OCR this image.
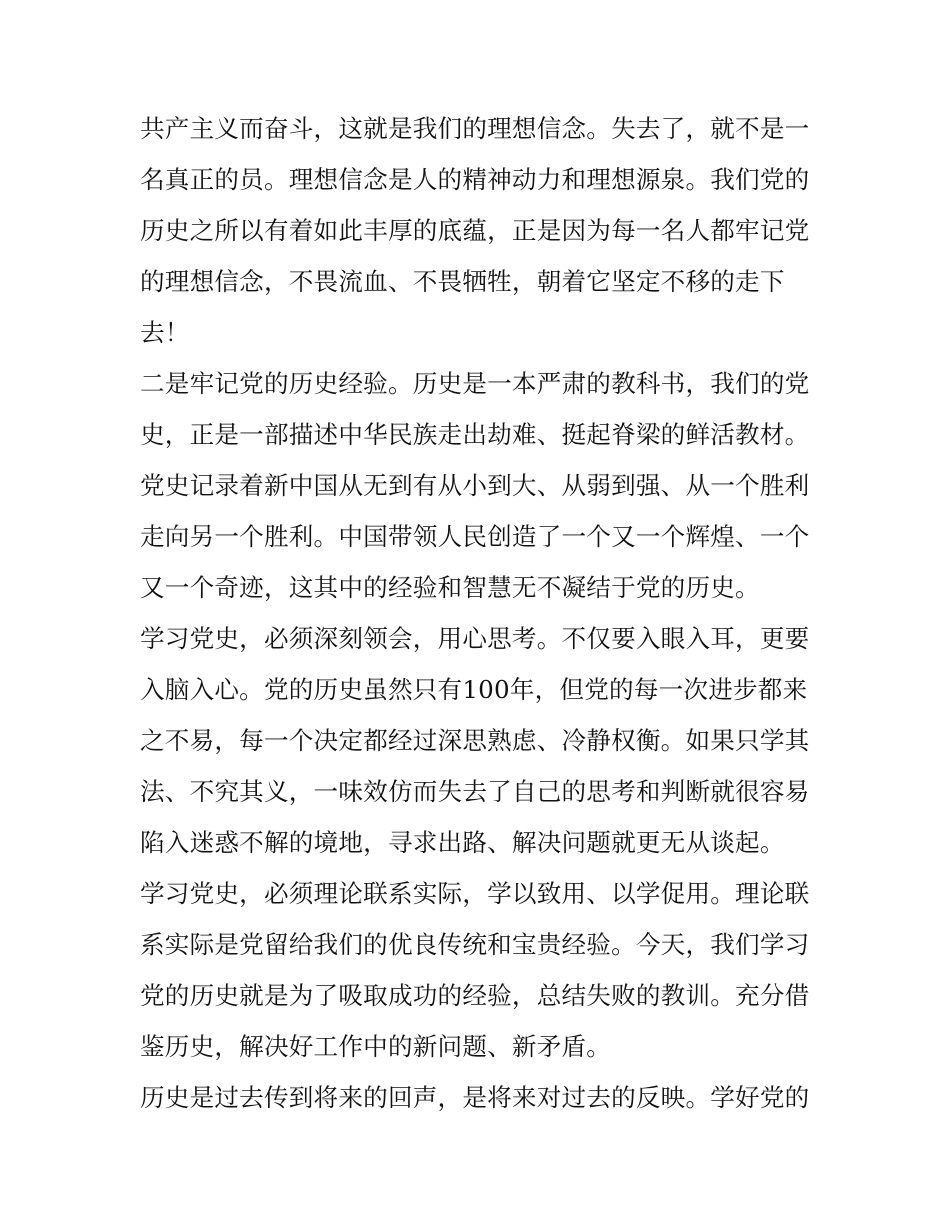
共产主义而奋斗，这就是我们的理想信念。失去了，就不是一
名真正的员。理想信念是人的精神动力和理想源泉。我们党的
历史之所以有着如此丰厚的底蕴，正是因为每一名人都牢记党
的理想信念，不畏流血、不畏牺牲，朝着它坚定不移的走下
去！
二是牢记党的历史经验。历史是一本严肃的教科书，我们的党
史，正是一部描述中华民族走出劫难、挺起脊梁的鲜活教材。
党史记录着新中国从无到有从小到大、从弱到强、从一个胜利
走向另一个胜利。中国带领人民创造了一个又一个辉煌、一个
又一个奇迹，这其中的经验和智慧无不凝结于党的历史。
学习党史，必须深刻领会，用心思考。不仅要入眼入耳，更要
入脑入心。党的历史虽然只有100年，但党的每一次进步都来
之不易，每一个决定都经过深思熟虑、冷静权衡。如果只学其
法、不究其义，一味效仿而失去了自己的思考和判断就很容易
陷入迷惑不解的境地，寻求出路、解决问题就更无从谈起。
学习党史，必须理论联系实际，学以致用、以学促用。理论联
系实际是党留给我们的优良传统和宝贵经验。今天，我们学习
党的历史就是为了吸取成功的经验，总结失败的教训。充分借
鉴历史，解决好工作中的新问题、新矛盾。
历史是过去传到将来的回声，是将来对过去的反映。学好党的
